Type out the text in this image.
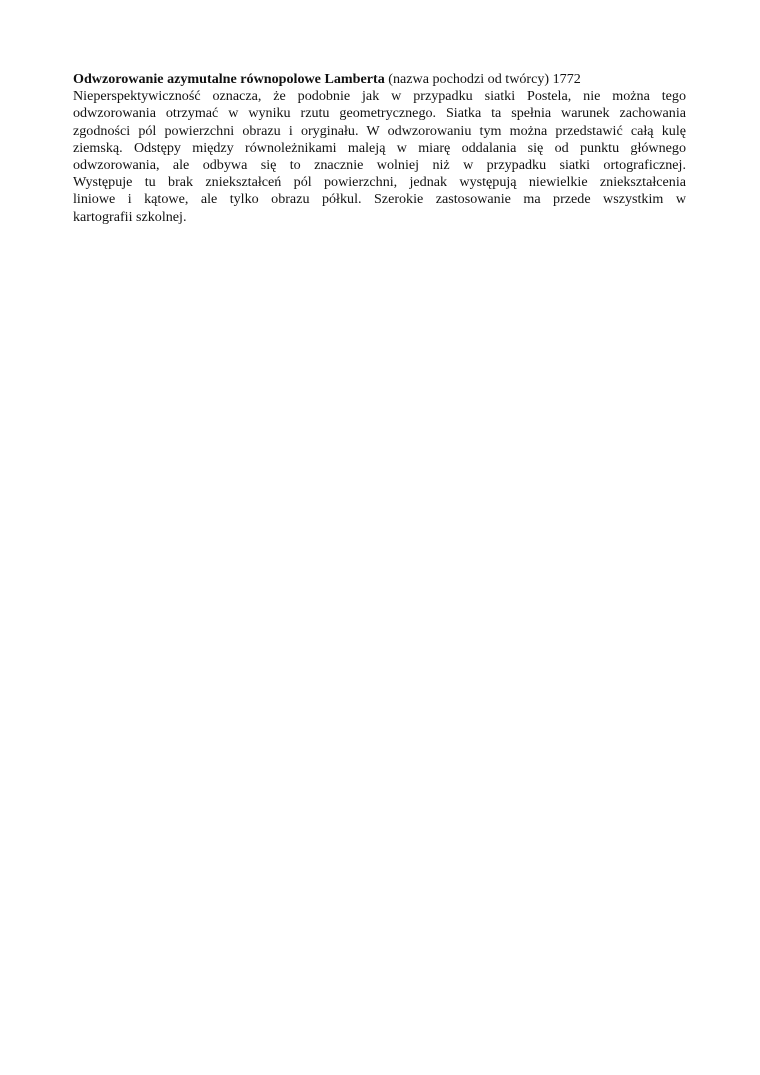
Odwzorowanie azymutalne równopolowe Lamberta (nazwa pochodzi od twórcy) 1772
Nieperspektywiczność oznacza, że podobnie jak w przypadku siatki Postela, nie można tego
odwzorowania otrzymać w wyniku rzutu geometrycznego. Siatka ta spełnia warunek zachowania
zgodności pól powierzchni obrazu i oryginału. W odwzorowaniu tym można przedstawić całą kulę
ziemską. Odstępy między równoleżnikami maleją w miarę oddalania się od punktu głównego
odwzorowania, ale odbywa się to znacznie wolniej niż w przypadku siatki ortograficznej.
Występuje tu brak zniekształceń pól powierzchni, jednak występują niewielkie zniekształcenia
liniowe i kątowe, ale tylko obrazu półkul. Szerokie zastosowanie ma przede wszystkim w
kartografii szkolnej.
